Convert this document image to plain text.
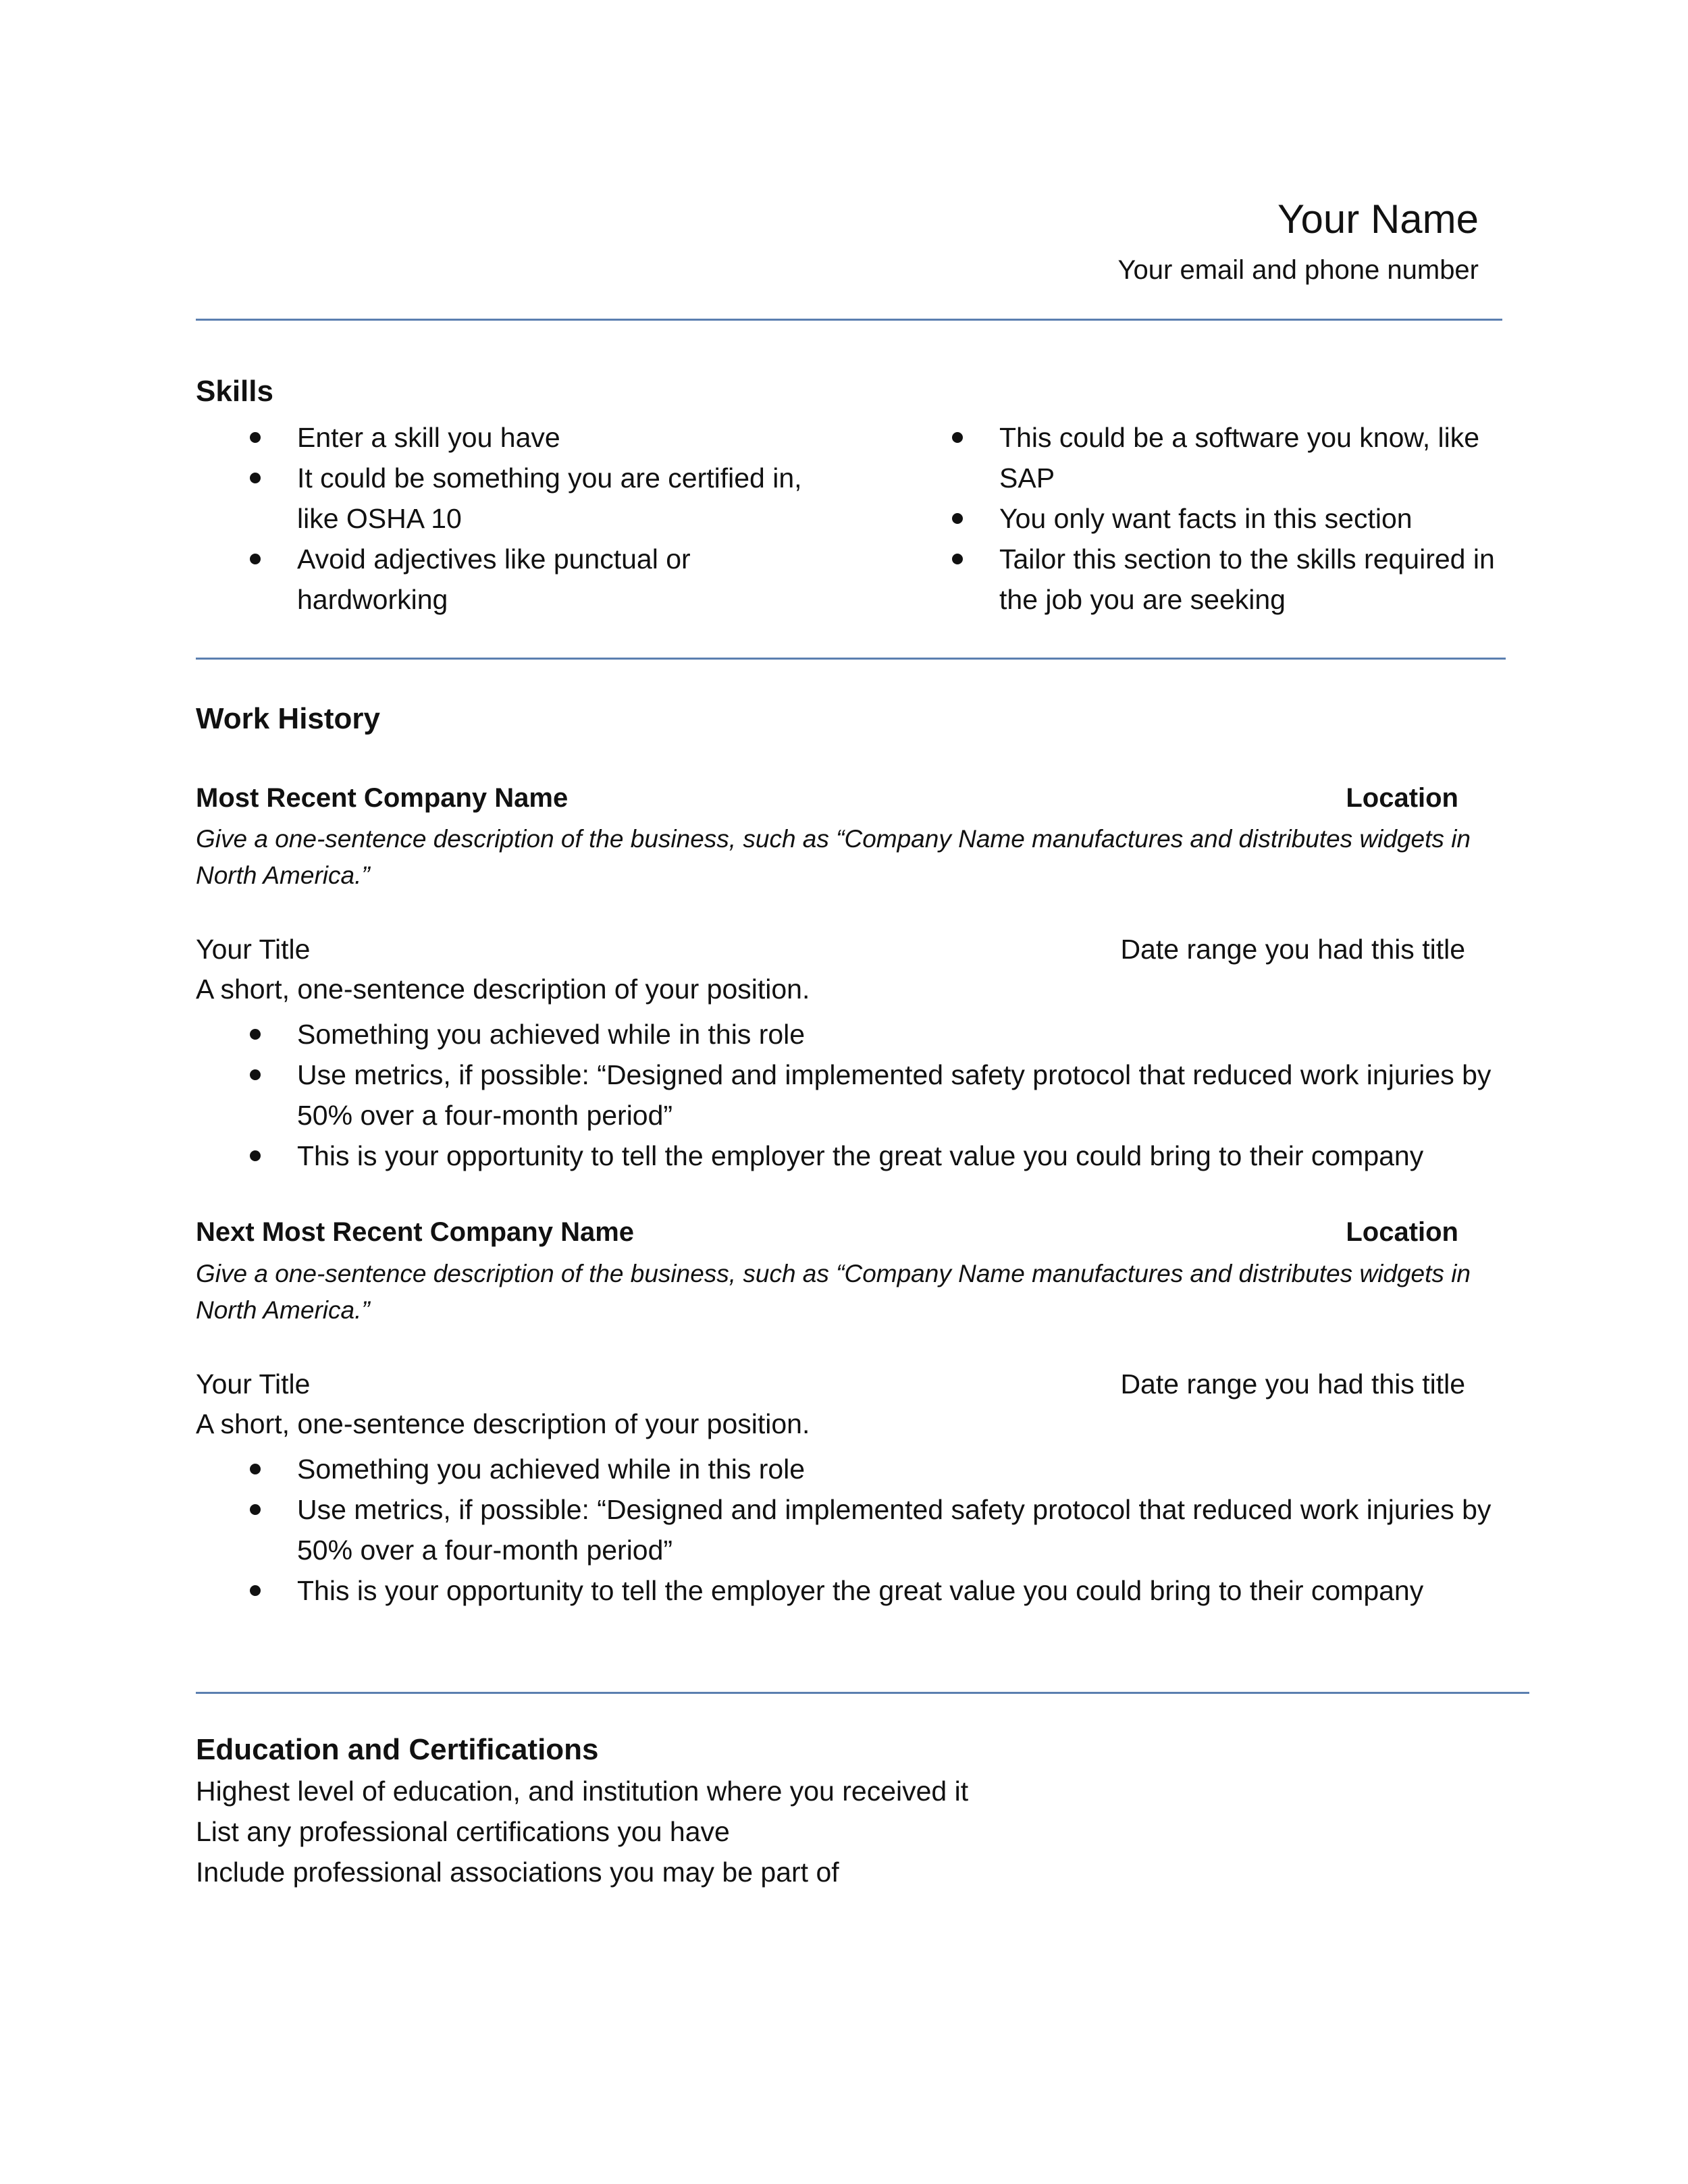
Your Name
Your email and phone number
Skills
Enter a skill you have
It could be something you are certified in, like OSHA 10
Avoid adjectives like punctual or hardworking
This could be a software you know, like SAP
You only want facts in this section
Tailor this section to the skills required in the job you are seeking
Work History
Most Recent Company Name	Location
Give a one-sentence description of the business, such as “Company Name manufactures and distributes widgets in North America.”
Your Title	Date range you had this title
A short, one-sentence description of your position.
Something you achieved while in this role
Use metrics, if possible: “Designed and implemented safety protocol that reduced work injuries by 50% over a four-month period”
This is your opportunity to tell the employer the great value you could bring to their company
Next Most Recent Company Name	Location
Give a one-sentence description of the business, such as “Company Name manufactures and distributes widgets in North America.”
Your Title	Date range you had this title
A short, one-sentence description of your position.
Something you achieved while in this role
Use metrics, if possible: “Designed and implemented safety protocol that reduced work injuries by 50% over a four-month period”
This is your opportunity to tell the employer the great value you could bring to their company
Education and Certifications
Highest level of education, and institution where you received it
List any professional certifications you have
Include professional associations you may be part of
